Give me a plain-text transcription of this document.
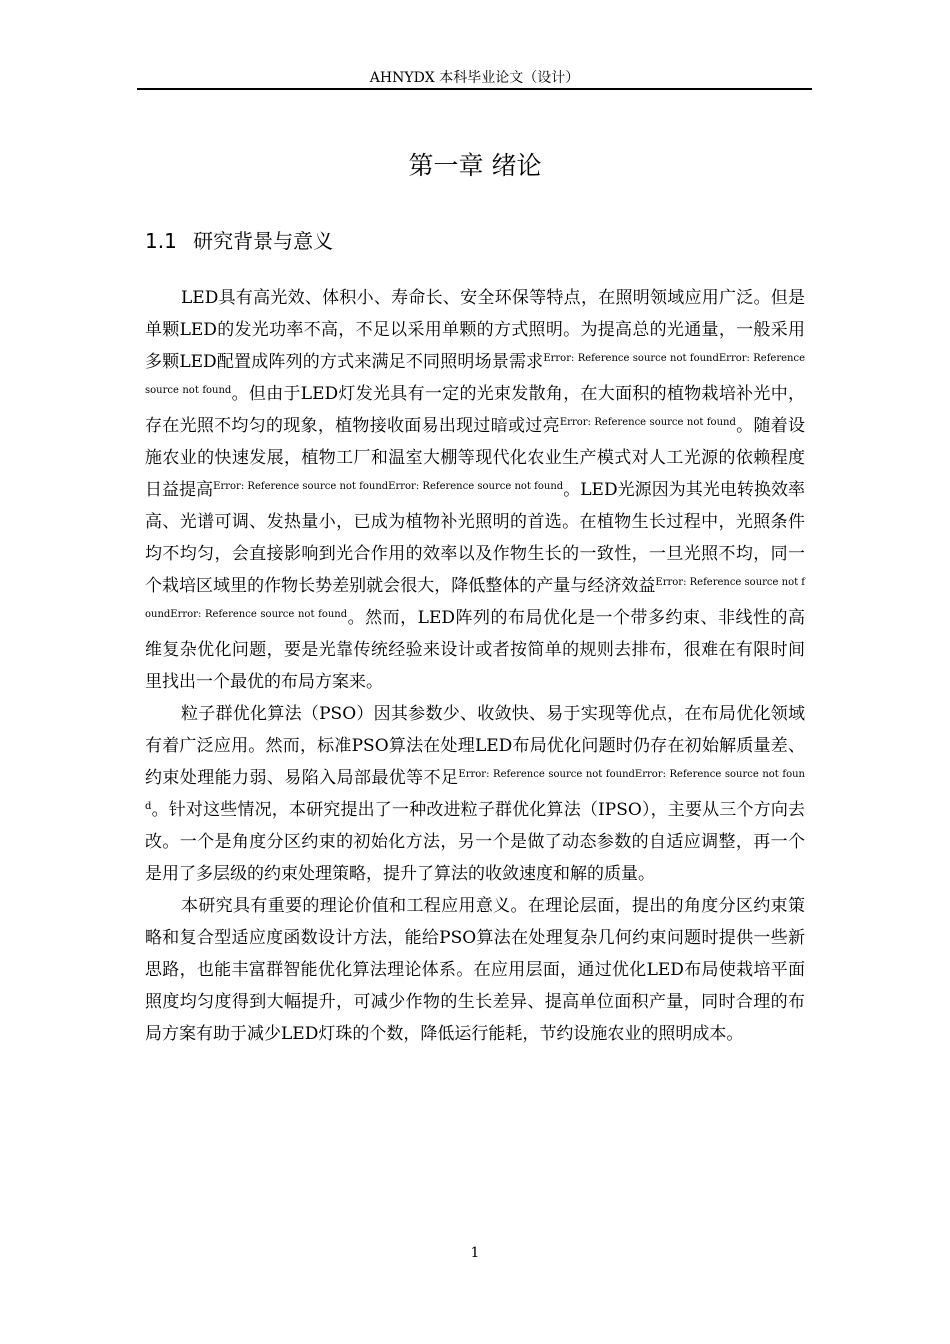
AHNYDX 本科毕业论文（设计）
第一章 绪论
1.1 研究背景与意义

LED具有高光效、体积小、寿命长、安全环保等特点，在照明领域应用广泛。但是单颗LED的发光功率不高，不足以采用单颗的方式照明。为提高总的光通量，一般采用多颗LED配置成阵列的方式来满足不同照明场景需求$^{Error: Reference source not foundError: Reference source not found}$。但由于LED灯发光具有一定的光束发散角，在大面积的植物栽培补光中，存在光照不均匀的现象，植物接收面易出现过暗或过亮$^{Error: Reference source not found}$。随着设施农业的快速发展，植物工厂和温室大棚等现代化农业生产模式对人工光源的依赖程度日益提高$^{Error: Reference source not foundError: Reference source not found}$。LED光源因为其光电转换效率高、光谱可调、发热量小，已成为植物补光照明的首选。在植物生长过程中，光照条件均不均匀，会直接影响到光合作用的效率以及作物生长的一致性，一旦光照不均，同一个栽培区域里的作物长势差别就会很大，降低整体的产量与经济效益$^{Error: Reference source not foundError: Reference source not found}$。然而，LED阵列的布局优化是一个带多约束、非线性的高维复杂优化问题，要是光靠传统经验来设计或者按简单的规则去排布，很难在有限时间里找出一个最优的布局方案来。

粒子群优化算法（PSO）因其参数少、收敛快、易于实现等优点，在布局优化领域有着广泛应用。然而，标准PSO算法在处理LED布局优化问题时仍存在初始解质量差、约束处理能力弱、易陷入局部最优等不足$^{Error: Reference source not foundError: Reference source not found}$。针对这些情况，本研究提出了一种改进粒子群优化算法（IPSO），主要从三个方向去改。一个是角度分区约束的初始化方法，另一个是做了动态参数的自适应调整，再一个是用了多层级的约束处理策略，提升了算法的收敛速度和解的质量。

本研究具有重要的理论价值和工程应用意义。在理论层面，提出的角度分区约束策略和复合型适应度函数设计方法，能给PSO算法在处理复杂几何约束问题时提供一些新思路，也能丰富群智能优化算法理论体系。在应用层面，通过优化LED布局使栽培平面照度均匀度得到大幅提升，可减少作物的生长差异、提高单位面积产量，同时合理的布局方案有助于减少LED灯珠的个数，降低运行能耗，节约设施农业的照明成本。

1
